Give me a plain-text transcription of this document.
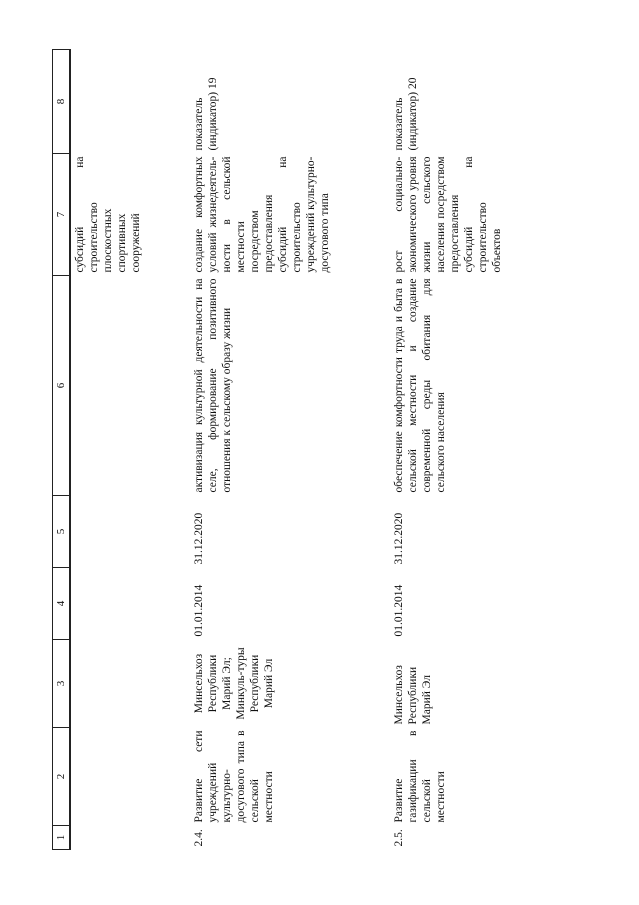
1	2	3	4	5	6	7	8
						субсидий на строительство плоскостных спортивных сооружений	
2.4.	Развитие сети учреждений культурно-досугового типа в сельской местности	Минсельхоз Республики Марий Эл; Минкуль-туры Республики Марий Эл	01.01.2014	31.12.2020	активизация культурной деятельности на селе, формирование позитивного отношения к сельскому образу жизни	создание комфортных условий жизнедеятель-ности в сельской местности посредством предоставления субсидий на строительство учреждений культурно-досугового типа	показатель (индикатор) 19
2.5.	Развитие газификации в сельской местности	Минсельхоз Республики Марий Эл	01.01.2014	31.12.2020	обеспечение комфортности труда и быта в сельской местности и создание современной среды обитания для сельского населения	рост социально-экономического уровня жизни сельского населения посредством предоставления субсидий на строительство объектов	показатель (индикатор) 20
